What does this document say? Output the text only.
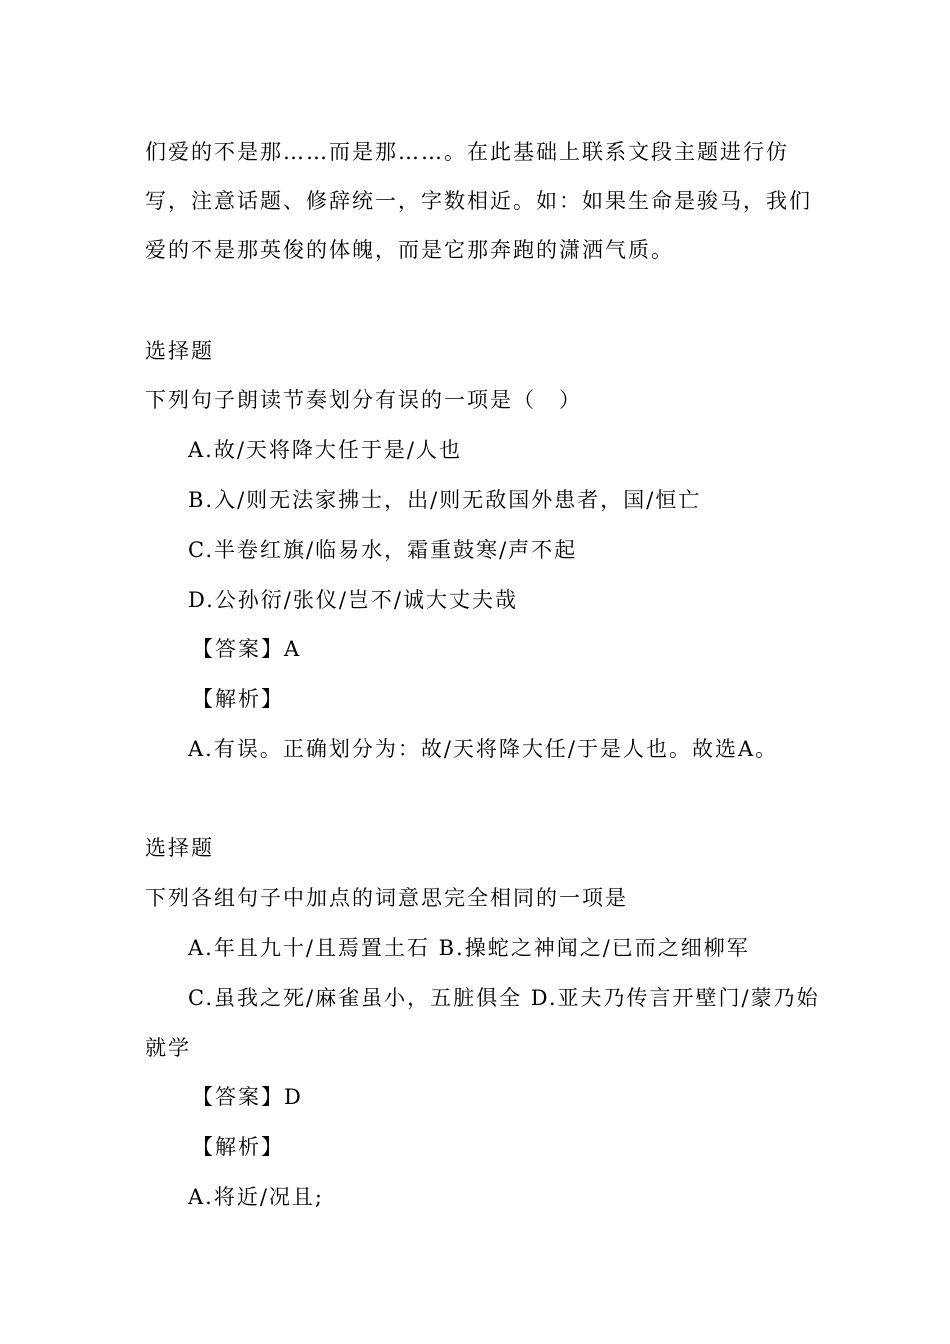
们爱的不是那……而是那……。在此基础上联系文段主题进行仿
写，注意话题、修辞统一，字数相近。如：如果生命是骏马，我们
爱的不是那英俊的体魄，而是它那奔跑的潇洒气质。
选择题
下列句子朗读节奏划分有误的一项是（　）
A.故/天将降大任于是/人也
B.入/则无法家拂士，出/则无敌国外患者，国/恒亡
C.半卷红旗/临易水，霜重鼓寒/声不起
D.公孙衍/张仪/岂不/诚大丈夫哉
【答案】A
【解析】
A.有误。正确划分为：故/天将降大任/于是人也。故选A。
选择题
下列各组句子中加点的词意思完全相同的一项是
A.年且九十/且焉置土石 B.操蛇之神闻之/已而之细柳军
C.虽我之死/麻雀虽小，五脏俱全 D.亚夫乃传言开壁门/蒙乃始
就学
【答案】D
【解析】
A.将近/况且;
